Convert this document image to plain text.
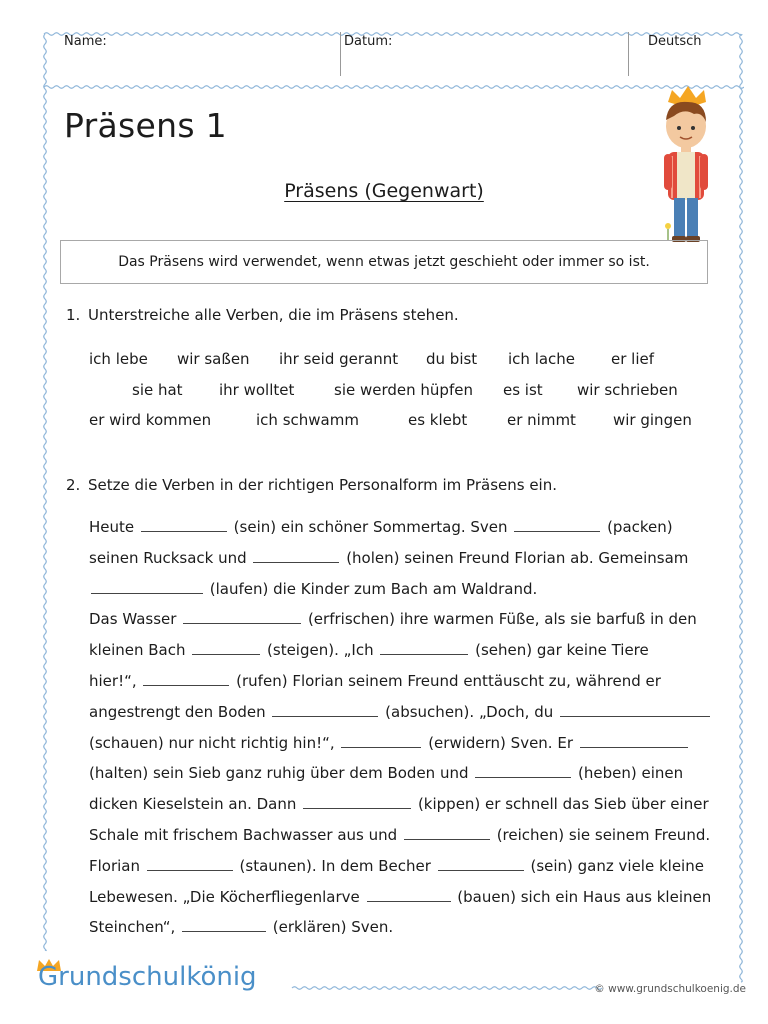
Name:	Datum:	Deutsch
Präsens 1
Präsens (Gegenwart)
Das Präsens wird verwendet, wenn etwas jetzt geschieht oder immer so ist.
1. Unterstreiche alle Verben, die im Präsens stehen.
ich lebe wir saßen ihr seid gerannt du bist ich lache er lief
sie hat ihr wolltet	sie werden hüpfen es ist wir schrieben
er wird kommen	ich schwamm	es klebt	er nimmt wir gingen
2. Setze die Verben in der richtigen Personalform im Präsens ein.
Heute	(sein) ein schöner Sommertag. Sven	(packen)
seinen Rucksack und	(holen) seinen Freund Florian ab. Gemeinsam
(laufen) die Kinder zum Bach am Waldrand.
Das Wasser	(erfrischen) ihre warmen Füße, als sie barfuß in den
kleinen Bach	(steigen). „Ich	(sehen) gar keine Tiere
hier!“,	(rufen) Florian seinem Freund enttäuscht zu, während er
angestrengt den Boden	(absuchen). „Doch, du
(schauen) nur nicht richtig hin!“,	(erwidern) Sven. Er
(halten) sein Sieb ganz ruhig über dem Boden und	(heben) einen
dicken Kieselstein an. Dann	(kippen) er schnell das Sieb über einer
Schale mit frischem Bachwasser aus und	(reichen) sie seinem Freund.
Florian	(staunen). In dem Becher	(sein) ganz viele kleine
Lebewesen. „Die Köcherfliegenlarve	(bauen) sich ein Haus aus kleinen
Steinchen“,	(erklären) Sven.
Grundschulkönig	© www.grundschulkoenig.de
